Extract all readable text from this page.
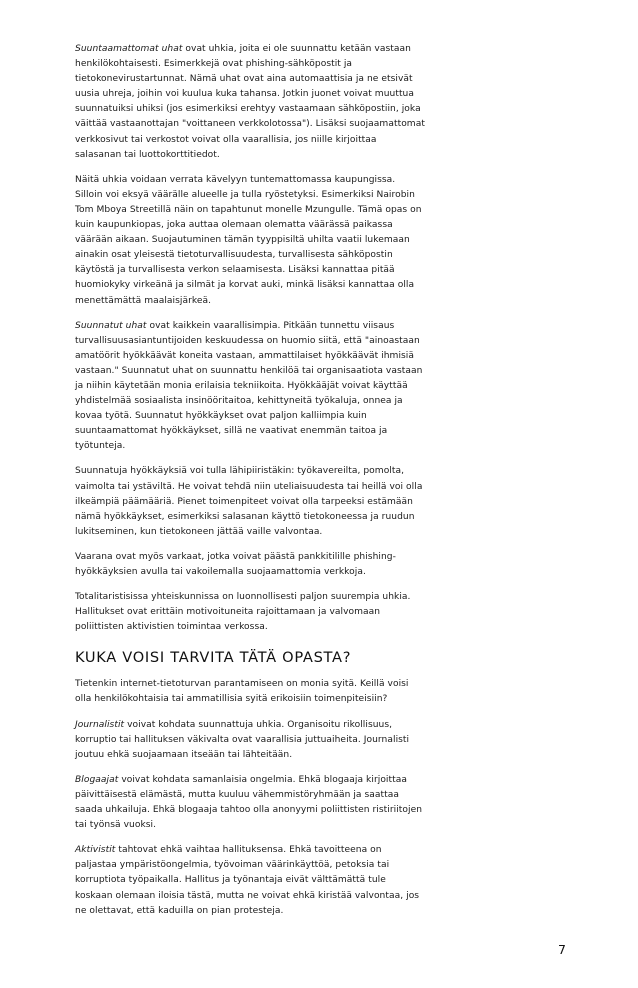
Suuntaamattomat uhat ovat uhkia, joita ei ole suunnattu ketään vastaan henkilökohtaisesti. Esimerkkejä ovat phishing-sähköpostit ja tietokonevirustartunnat. Nämä uhat ovat aina automaattisia ja ne etsivät uusia uhreja, joihin voi kuulua kuka tahansa. Jotkin juonet voivat muuttua suunnatuiksi uhiksi (jos esimerkiksi erehtyy vastaamaan sähköpostiin, joka väittää vastaanottajan "voittaneen verkkolotossa"). Lisäksi suojaamattomat verkkosivut tai verkostot voivat olla vaarallisia, jos niille kirjoittaa salasanan tai luottokorttitiedot.

Näitä uhkia voidaan verrata kävelyyn tuntemattomassa kaupungissa. Silloin voi eksyä väärälle alueelle ja tulla ryöstetyksi. Esimerkiksi Nairobin Tom Mboya Streetillä näin on tapahtunut monelle Mzungulle. Tämä opas on kuin kaupunkiopas, joka auttaa olemaan olematta väärässä paikassa väärään aikaan. Suojautuminen tämän tyyppisiltä uhilta vaatii lukemaan ainakin osat yleisestä tietoturvallisuudesta, turvallisesta sähköpostin käytöstä ja turvallisesta verkon selaamisesta. Lisäksi kannattaa pitää huomiokyky virkeänä ja silmät ja korvat auki, minkä lisäksi kannattaa olla menettämättä maalaisjärkeä.

Suunnatut uhat ovat kaikkein vaarallisimpia. Pitkään tunnettu viisaus turvallisuusasiantuntijoiden keskuudessa on huomio siitä, että "ainoastaan amatöörit hyökkäävät koneita vastaan, ammattilaiset hyökkäävät ihmisiä vastaan." Suunnatut uhat on suunnattu henkilöä tai organisaatiota vastaan ja niihin käytetään monia erilaisia tekniikoita. Hyökkääjät voivat käyttää yhdistelmää sosiaalista insinööritaitoa, kehittyneitä työkaluja, onnea ja kovaa työtä. Suunnatut hyökkäykset ovat paljon kalliimpia kuin suuntaamattomat hyökkäykset, sillä ne vaativat enemmän taitoa ja työtunteja.

Suunnatuja hyökkäyksiä voi tulla lähipiiristäkin: työkavereilta, pomolta, vaimolta tai ystäviltä. He voivat tehdä niin uteliaisuudesta tai heillä voi olla ilkeämpiä päämääriä. Pienet toimenpiteet voivat olla tarpeeksi estämään nämä hyökkäykset, esimerkiksi salasanan käyttö tietokoneessa ja ruudun lukitseminen, kun tietokoneen jättää vaille valvontaa.

Vaarana ovat myös varkaat, jotka voivat päästä pankkitilille phishing-hyökkäyksien avulla tai vakoilemalla suojaamattomia verkkoja.

Totalitaristisissa yhteiskunnissa on luonnollisesti paljon suurempia uhkia. Hallitukset ovat erittäin motivoituneita rajoittamaan ja valvomaan poliittisten aktivistien toimintaa verkossa.

KUKA VOISI TARVITA TÄTÄ OPASTA?

Tietenkin internet-tietoturvan parantamiseen on monia syitä. Keillä voisi olla henkilökohtaisia tai ammatillisia syitä erikoisiin toimenpiteisiin?

Journalistit voivat kohdata suunnattuja uhkia. Organisoitu rikollisuus, korruptio tai hallituksen väkivalta ovat vaarallisia juttuaiheita. Journalisti joutuu ehkä suojaamaan itseään tai lähteitään.

Blogaajat voivat kohdata samanlaisia ongelmia. Ehkä blogaaja kirjoittaa päivittäisestä elämästä, mutta kuuluu vähemmistöryhmään ja saattaa saada uhkailuja. Ehkä blogaaja tahtoo olla anonyymi poliittisten ristiriitojen tai työnsä vuoksi.

Aktivistit tahtovat ehkä vaihtaa hallituksensa. Ehkä tavoitteena on paljastaa ympäristöongelmia, työvoiman väärinkäyttöä, petoksia tai korruptiota työpaikalla. Hallitus ja työnantaja eivät välttämättä tule koskaan olemaan iloisia tästä, mutta ne voivat ehkä kiristää valvontaa, jos ne olettavat, että kaduilla on pian protesteja.

7
